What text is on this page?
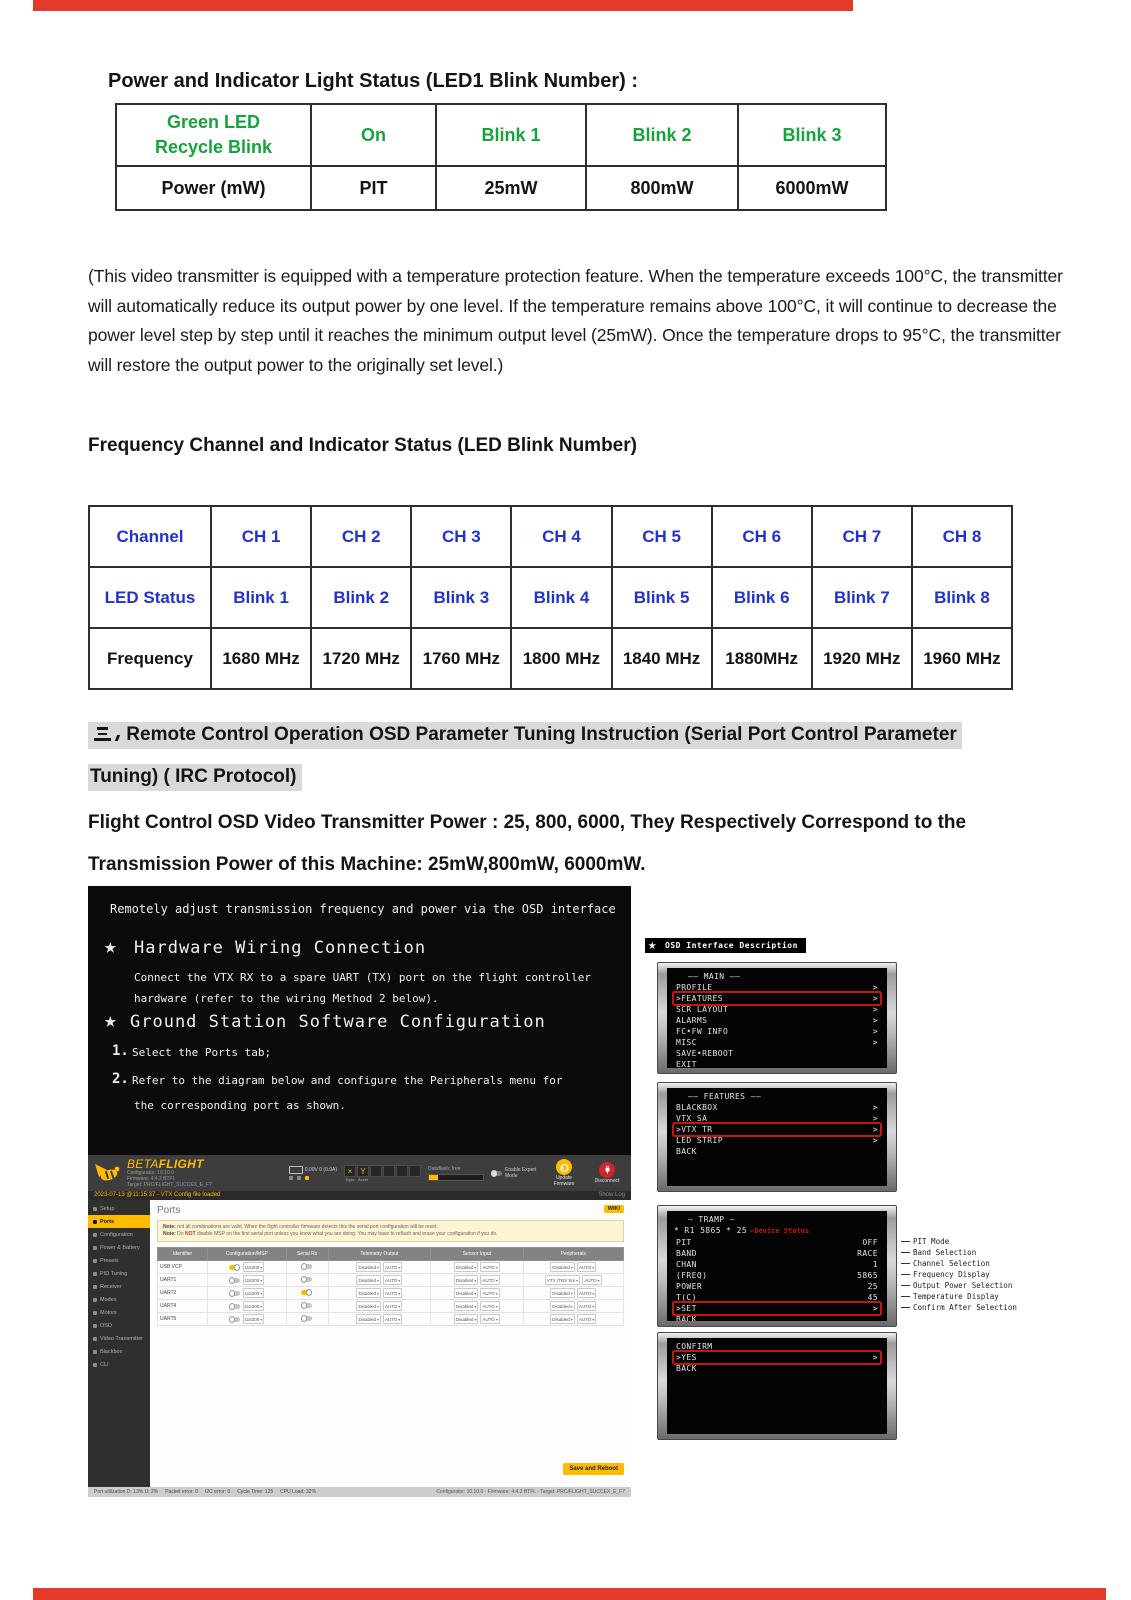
Power and Indicator Light Status (LED1 Blink Number) :
Green LED
Recycle Blink	On	Blink 1	Blink 2	Blink 3

Power (mW)	PIT	25mW	800mW	6000mW
(This video transmitter is equipped with a temperature protection feature. When the temperature exceeds 100°C, the transmitter will automatically reduce its output power by one level. If the temperature remains above 100°C, it will continue to decrease the power level step by step until it reaches the minimum output level (25mW). Once the temperature drops to 95°C, the transmitter will restore the output power to the originally set level.)
Frequency Channel and Indicator Status (LED Blink Number)
Channel	CH 1	CH 2	CH 3	CH 4	CH 5	CH 6	CH 7	CH 8
LED Status	Blink 1	Blink 2	Blink 3	Blink 4	Blink 5	Blink 6	Blink 7	Blink 8
Frequency	1680 MHz	1720 MHz	1760 MHz	1800 MHz	1840 MHz	1880MHz	1920 MHz	1960 MHz
Remote Control Operation OSD Parameter Tuning Instruction (Serial Port Control Parameter
Tuning) ( IRC Protocol)
Flight Control OSD Video Transmitter Power : 25, 800, 6000, They Respectively Correspond to the
Transmission Power of this Machine: 25mW,800mW, 6000mW.
Remotely adjust transmission frequency and power via the OSD interface
★ Hardware Wiring Connection
Connect the VTX RX to a spare UART (TX) port on the flight controller
hardware (refer to the wiring Method 2 below).
★ Ground Station Software Configuration
1. Select the Ports tab;
2. Refer to the diagram below and configure the Peripherals menu for
the corresponding port as shown.
BETAFLIGHT
Configurator: 10.10.0
Firmware: 4.4.2 BTFL
Target: PRC/FLIGHT_SUCCEX_E_F7
0.00V 0 (0.0A)	×
Gyro
Y
Accel
Dataflash: free	Enable Expert Mode	Update Firmware	Disconnect
2023-07-13 @11:15:37 - VTX Config file loaded	Show Log
Setup
Ports
Configuration
Power & Battery
Presets
PID Tuning
Receiver
Modes
Motors
OSD
Video Transmitter
Blackbox
CLI
Ports	WIKI
Note: not all combinations are valid. When the flight controller firmware detects this the serial port configuration will be reset.
Note: Do NOT disable MSP on the first serial port unless you know what you are doing. You may have to reflash and erase your configuration if you do.
Identifier	Configuration/MSP	Serial Rx	Telemetry Output	Sensor Input	Peripherals
USB VCP	115200 ▾		Disabled ▾ AUTO ▾	Disabled ▾ AUTO ▾	Disabled ▾ AUTO ▾

UART1	115200 ▾		Disabled ▾ AUTO ▾	Disabled ▾ AUTO ▾	VTX (TBS Sm ▾ AUTO ▾

UART2	115200 ▾		Disabled ▾ AUTO ▾	Disabled ▾ AUTO ▾	Disabled ▾ AUTO ▾

UART4	115200 ▾		Disabled ▾ AUTO ▾	Disabled ▾ AUTO ▾	Disabled ▾ AUTO ▾

UART5	115200 ▾		Disabled ▾ AUTO ▾	Disabled ▾ AUTO ▾	Disabled ▾ AUTO ▾
Save and Reboot
Port utilization D: 13% U: 2% Packet error: 0 I2C error: 0 Cycle Time: 125 CPU Load: 32%	Configurator: 10.10.0 · Firmware: 4.4.2 BTFL · Target: PRC/FLIGHT_SUCCEX_E_F7
★ OSD Interface Description
—— MAIN ——
PROFILE	>
>FEATURES	>
SCR LAYOUT	>
ALARMS	>
FC•FW INFO	>
MISC	>
SAVE•REBOOT
EXIT
—— FEATURES ——
BLACKBOX	>
VTX SA	>
>VTX TR	>
LED STRIP	>
BACK
— TRAMP —
* R1 5865 * 25 ←Device Status
PIT	OFF
BAND	RACE
CHAN	1
(FREQ)	5865
POWER	25
T(C)	45
>SET	>
BACK
CONFIRM
>YES	>
BACK
PIT Mode
Band Selection
Channel Selection
Frequency Display
Output Power Selection
Temperature Display
Confirm After Selection
